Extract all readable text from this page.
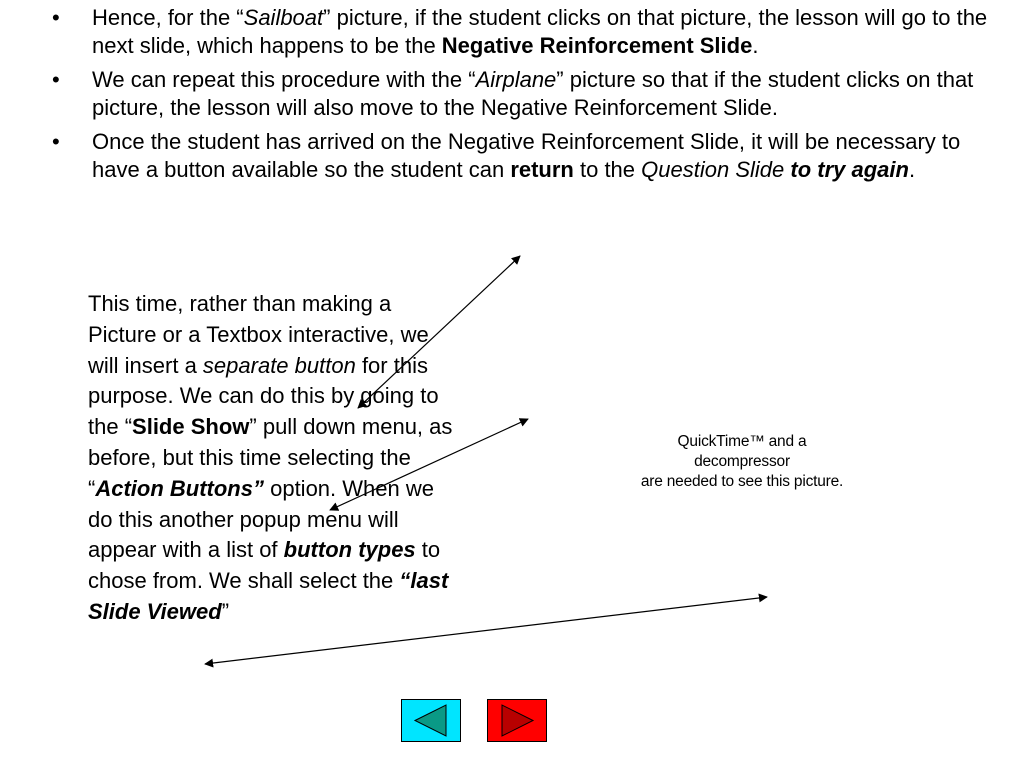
• Hence, for the “Sailboat” picture, if the student clicks on that picture, the lesson will go to the next slide, which happens to be the Negative Reinforcement Slide.
• We can repeat this procedure with the “Airplane” picture so that if the student clicks on that picture, the lesson will also move to the Negative Reinforcement Slide.
• Once the student has arrived on the Negative Reinforcement Slide, it will be necessary to have a button available so the student can return to the Question Slide to try again.
This time, rather than making a Picture or a Textbox interactive, we will insert a separate button for this purpose. We can do this by going to the “Slide Show” pull down menu, as before, but this time selecting the “Action Buttons” option. When we do this another popup menu will appear with a list of button types to chose from. We shall select the “last Slide Viewed”
QuickTime™ and a
decompressor
are needed to see this picture.
